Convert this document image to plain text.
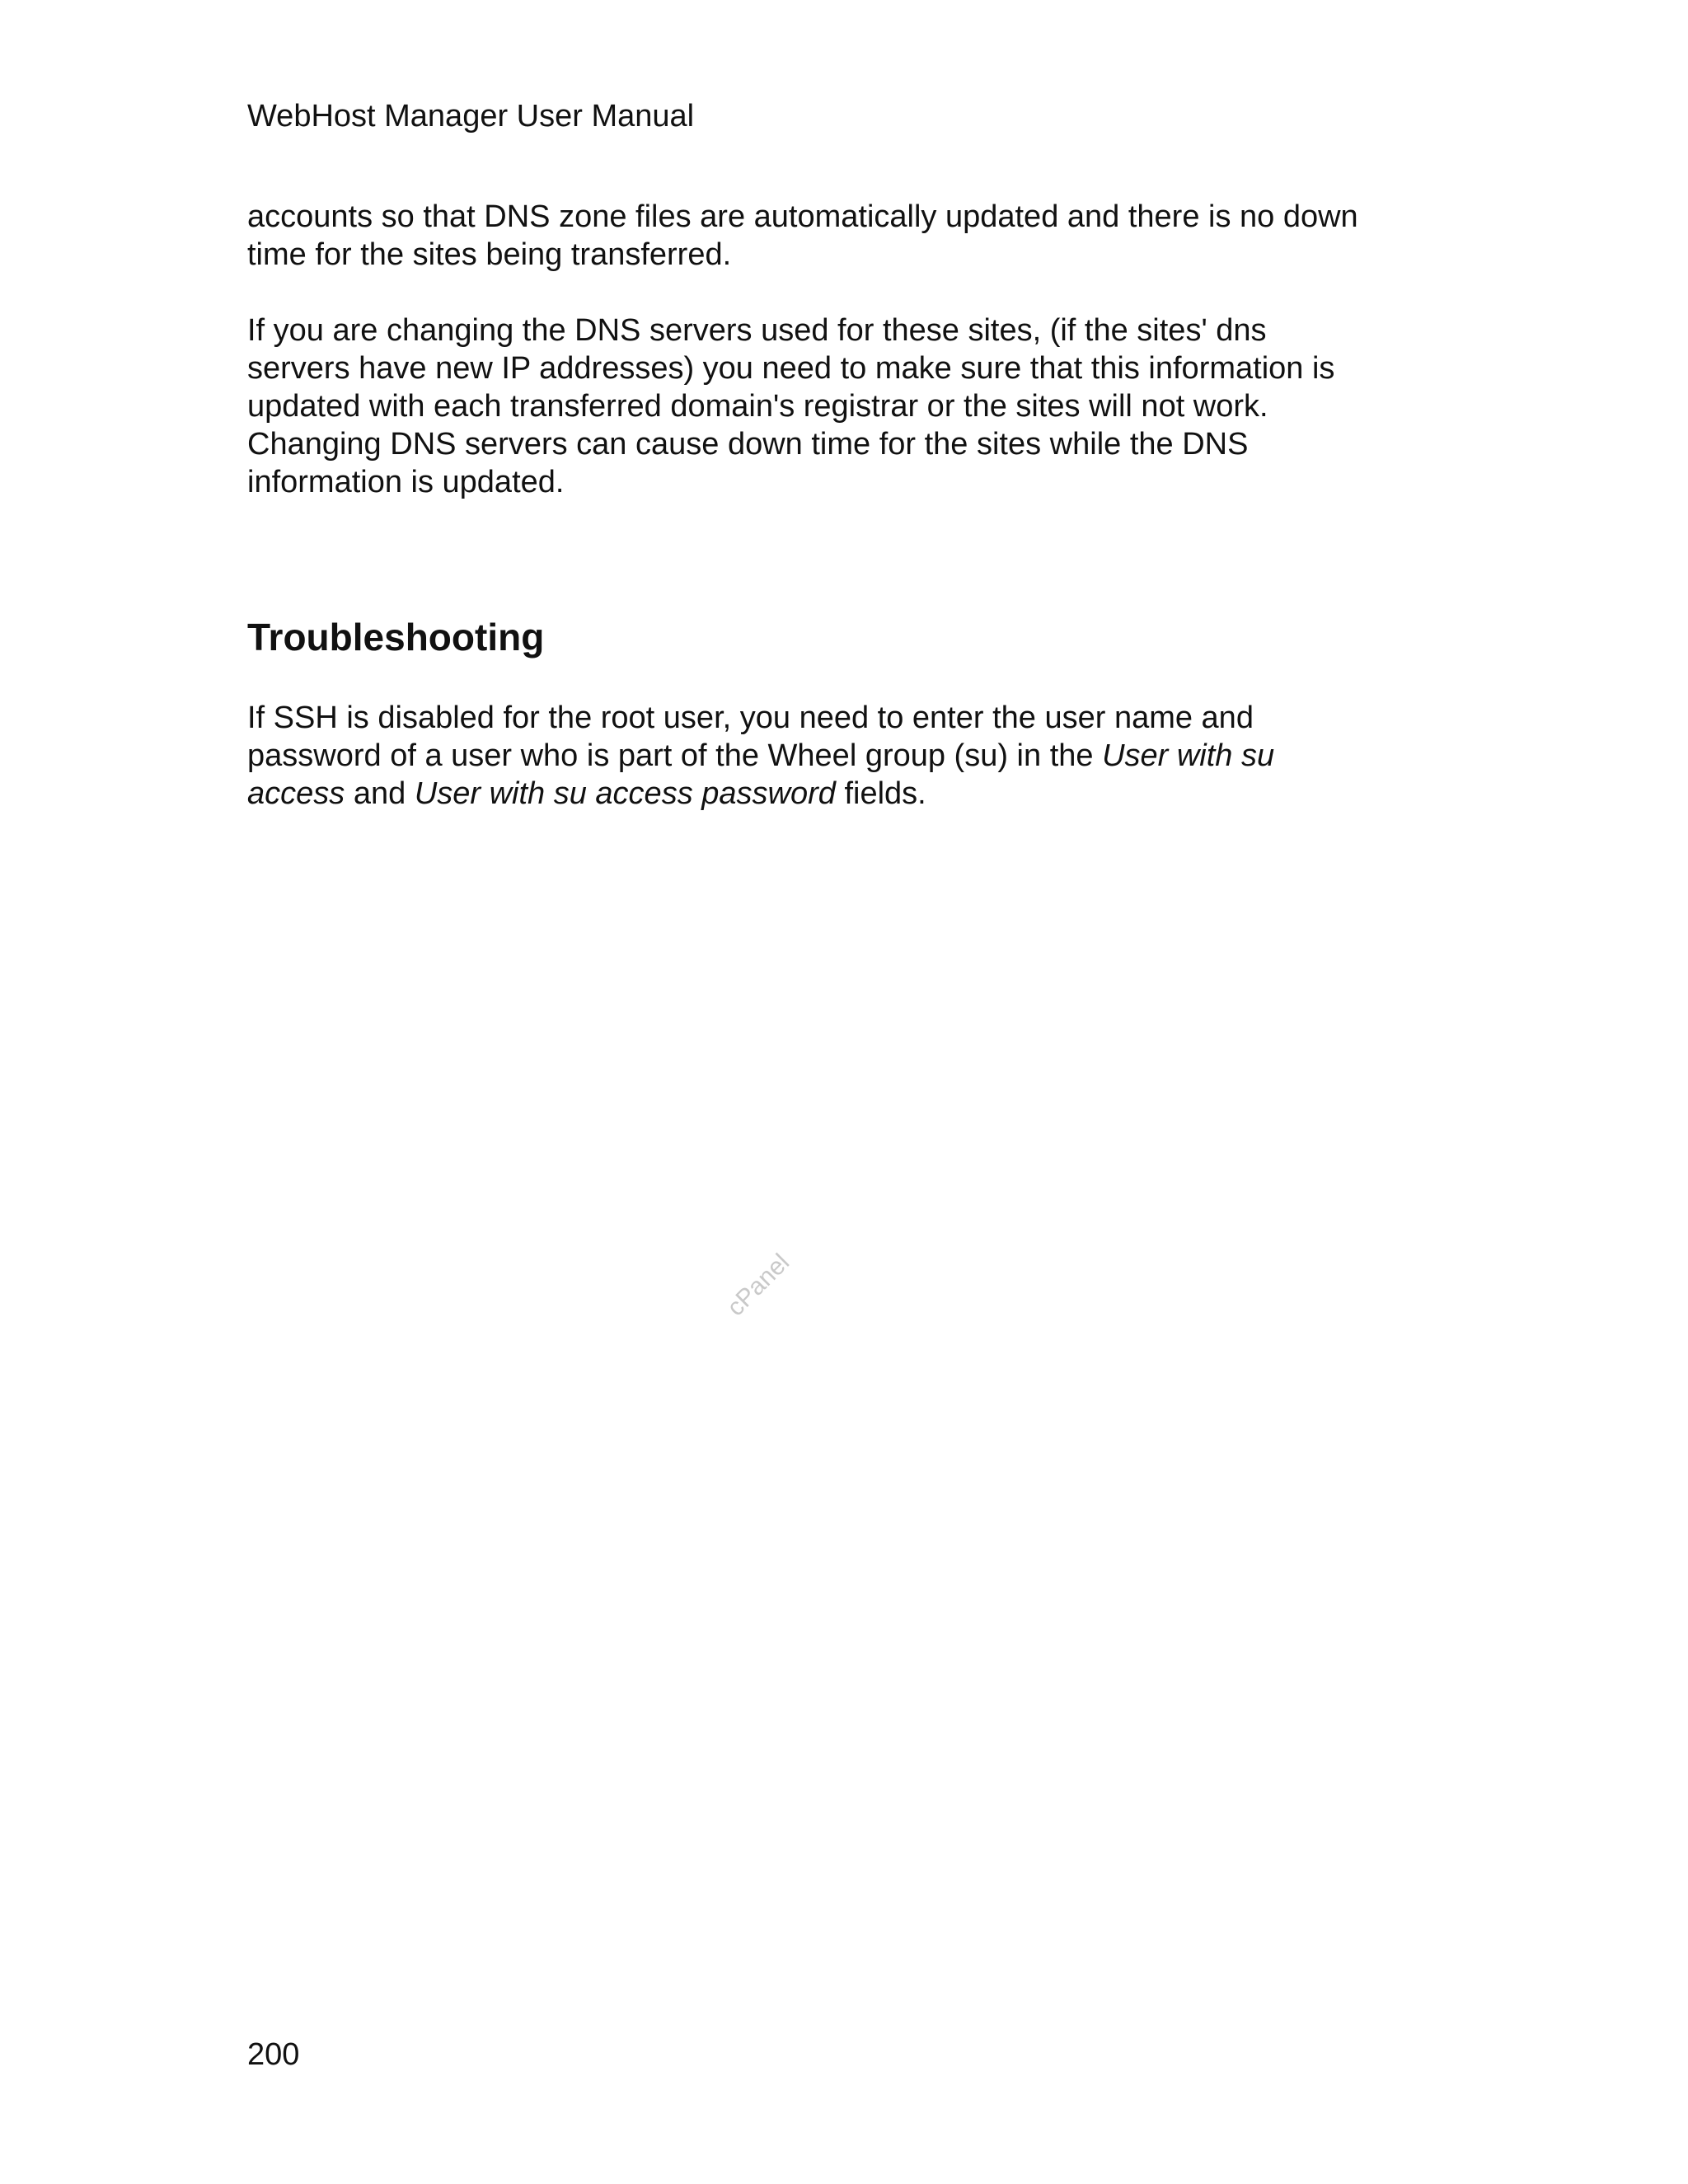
WebHost Manager User Manual

accounts so that DNS zone files are automatically updated and there is no down
time for the sites being transferred.

If you are changing the DNS servers used for these sites, (if the sites' dns
servers have new IP addresses) you need to make sure that this information is
updated with each transferred domain's registrar or the sites will not work.
Changing DNS servers can cause down time for the sites while the DNS
information is updated.

Troubleshooting

If SSH is disabled for the root user, you need to enter the user name and
password of a user who is part of the Wheel group (su) in the User with su
access and User with su access password fields.

cPanel
200
